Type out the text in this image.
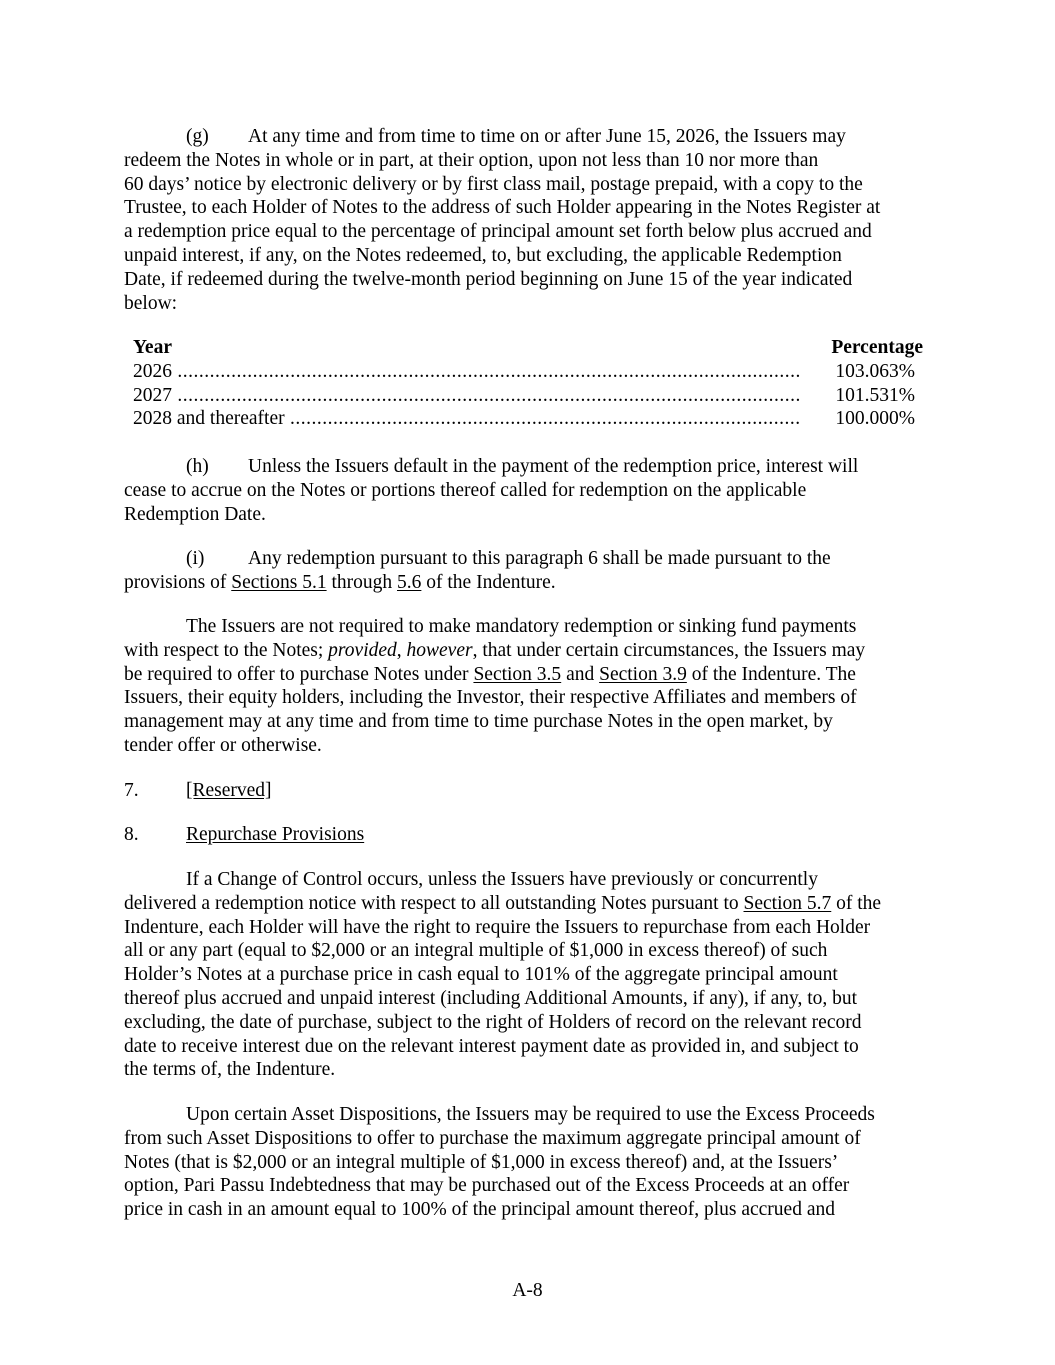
(g) At any time and from time to time on or after June 15, 2026, the Issuers may
redeem the Notes in whole or in part, at their option, upon not less than 10 nor more than
60 days’ notice by electronic delivery or by first class mail, postage prepaid, with a copy to the
Trustee, to each Holder of Notes to the address of such Holder appearing in the Notes Register at
a redemption price equal to the percentage of principal amount set forth below plus accrued and
unpaid interest, if any, on the Notes redeemed, to, but excluding, the applicable Redemption
Date, if redeemed during the twelve-month period beginning on June 15 of the year indicated
below:
Year	Percentage
2026 .....	103.063%
2027 .....	101.531%
2028 and thereafter .....	100.000%
(h) Unless the Issuers default in the payment of the redemption price, interest will
cease to accrue on the Notes or portions thereof called for redemption on the applicable
Redemption Date.
(i) Any redemption pursuant to this paragraph 6 shall be made pursuant to the
provisions of Sections 5.1 through 5.6 of the Indenture.
The Issuers are not required to make mandatory redemption or sinking fund payments
with respect to the Notes; provided, however, that under certain circumstances, the Issuers may
be required to offer to purchase Notes under Section 3.5 and Section 3.9 of the Indenture. The
Issuers, their equity holders, including the Investor, their respective Affiliates and members of
management may at any time and from time to time purchase Notes in the open market, by
tender offer or otherwise.
7. [Reserved]
8. Repurchase Provisions
If a Change of Control occurs, unless the Issuers have previously or concurrently
delivered a redemption notice with respect to all outstanding Notes pursuant to Section 5.7 of the
Indenture, each Holder will have the right to require the Issuers to repurchase from each Holder
all or any part (equal to $2,000 or an integral multiple of $1,000 in excess thereof) of such
Holder’s Notes at a purchase price in cash equal to 101% of the aggregate principal amount
thereof plus accrued and unpaid interest (including Additional Amounts, if any), if any, to, but
excluding, the date of purchase, subject to the right of Holders of record on the relevant record
date to receive interest due on the relevant interest payment date as provided in, and subject to
the terms of, the Indenture.
Upon certain Asset Dispositions, the Issuers may be required to use the Excess Proceeds
from such Asset Dispositions to offer to purchase the maximum aggregate principal amount of
Notes (that is $2,000 or an integral multiple of $1,000 in excess thereof) and, at the Issuers’
option, Pari Passu Indebtedness that may be purchased out of the Excess Proceeds at an offer
price in cash in an amount equal to 100% of the principal amount thereof, plus accrued and
A-8
